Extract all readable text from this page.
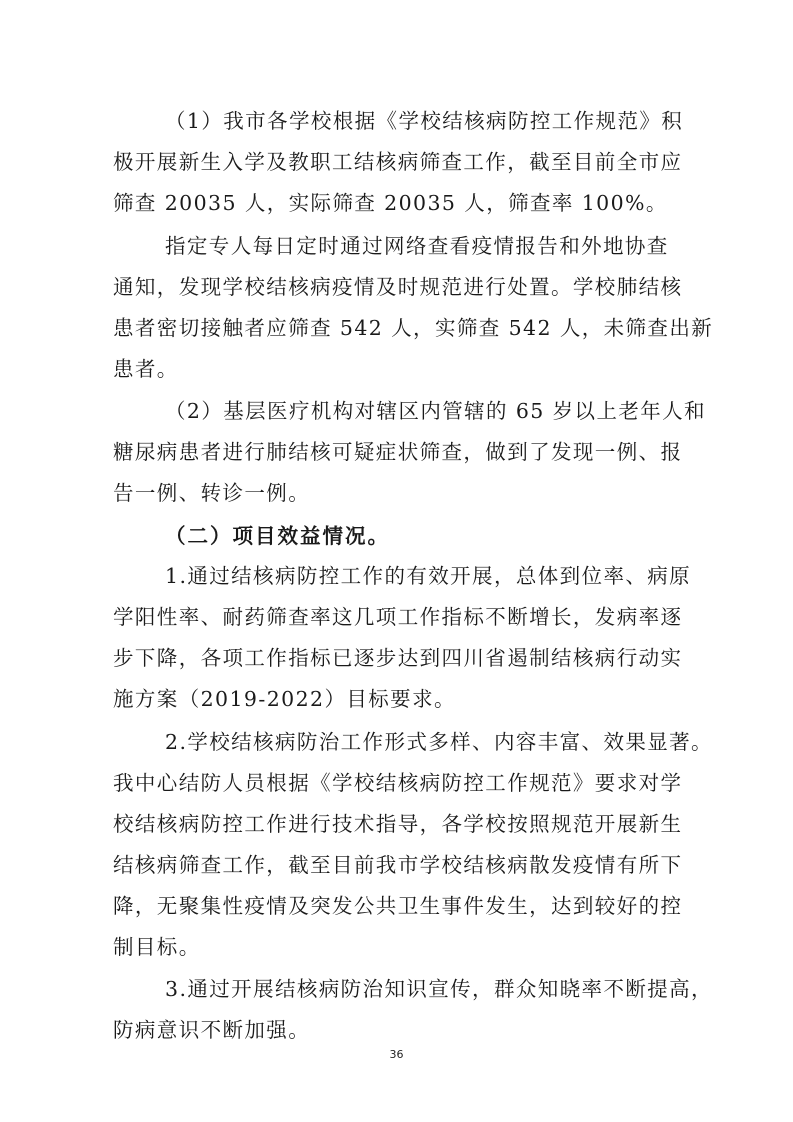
（1）我市各学校根据《学校结核病防控工作规范》积
极开展新生入学及教职工结核病筛查工作，截至目前全市应
筛查 20035 人，实际筛查 20035 人，筛查率 100%。
指定专人每日定时通过网络查看疫情报告和外地协查
通知，发现学校结核病疫情及时规范进行处置。学校肺结核
患者密切接触者应筛查 542 人，实筛查 542 人，未筛查出新
患者。
（2）基层医疗机构对辖区内管辖的 65 岁以上老年人和
糖尿病患者进行肺结核可疑症状筛查，做到了发现一例、报
告一例、转诊一例。
（二）项目效益情况。
1.通过结核病防控工作的有效开展，总体到位率、病原
学阳性率、耐药筛查率这几项工作指标不断增长，发病率逐
步下降，各项工作指标已逐步达到四川省遏制结核病行动实
施方案（2019-2022）目标要求。
2.学校结核病防治工作形式多样、内容丰富、效果显著。
我中心结防人员根据《学校结核病防控工作规范》要求对学
校结核病防控工作进行技术指导，各学校按照规范开展新生
结核病筛查工作，截至目前我市学校结核病散发疫情有所下
降，无聚集性疫情及突发公共卫生事件发生，达到较好的控
制目标。
3.通过开展结核病防治知识宣传，群众知晓率不断提高，
防病意识不断加强。
36
